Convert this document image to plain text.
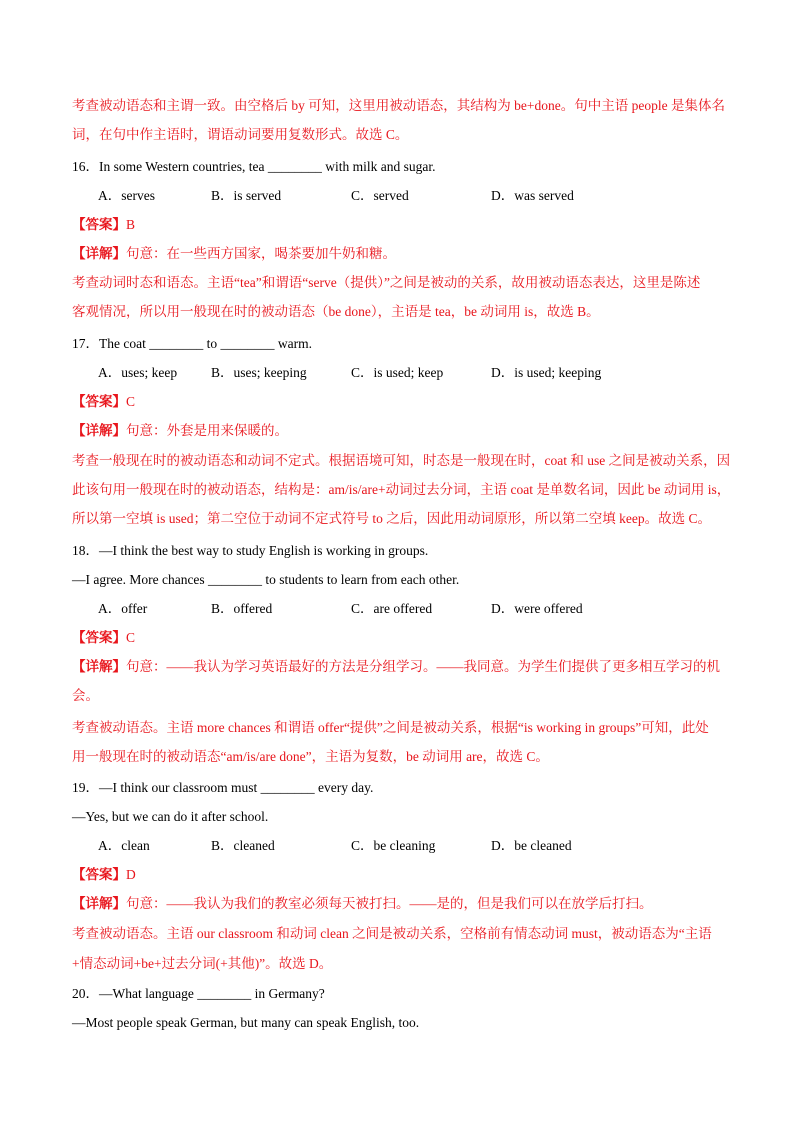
考查被动语态和主谓一致。由空格后 by 可知，这里用被动语态，其结构为 be+done。句中主语 people 是集体名
词，在句中作主语时，谓语动词要用复数形式。故选 C。
16．In some Western countries, tea ________ with milk and sugar.
A．serves	B．is served	C．served	D．was served
【答案】B
【详解】句意：在一些西方国家，喝茶要加牛奶和糖。
考查动词时态和语态。主语“tea”和谓语“serve（提供）”之间是被动的关系，故用被动语态表达，这里是陈述
客观情况，所以用一般现在时的被动语态（be done），主语是 tea，be 动词用 is，故选 B。
17．The coat ________ to ________ warm.
A．uses; keep	B．uses; keeping	C．is used; keep	D．is used; keeping
【答案】C
【详解】句意：外套是用来保暖的。
考查一般现在时的被动语态和动词不定式。根据语境可知，时态是一般现在时，coat 和 use 之间是被动关系，因
此该句用一般现在时的被动语态，结构是：am/is/are+动词过去分词，主语 coat 是单数名词，因此 be 动词用 is，
所以第一空填 is used；第二空位于动词不定式符号 to 之后，因此用动词原形，所以第二空填 keep。故选 C。
18．—I think the best way to study English is working in groups.
—I agree. More chances ________ to students to learn from each other.
A．offer	B．offered	C．are offered	D．were offered
【答案】C
【详解】句意：——我认为学习英语最好的方法是分组学习。——我同意。为学生们提供了更多相互学习的机
会。
考查被动语态。主语 more chances 和谓语 offer“提供”之间是被动关系，根据“is working in groups”可知，此处
用一般现在时的被动语态“am/is/are done”，主语为复数，be 动词用 are，故选 C。
19．—I think our classroom must ________ every day.
—Yes, but we can do it after school.
A．clean	B．cleaned	C．be cleaning	D．be cleaned
【答案】D
【详解】句意：——我认为我们的教室必须每天被打扫。——是的，但是我们可以在放学后打扫。
考查被动语态。主语 our classroom 和动词 clean 之间是被动关系，空格前有情态动词 must，被动语态为“主语
+情态动词+be+过去分词(+其他)”。故选 D。
20．—What language ________ in Germany?
—Most people speak German, but many can speak English, too.
